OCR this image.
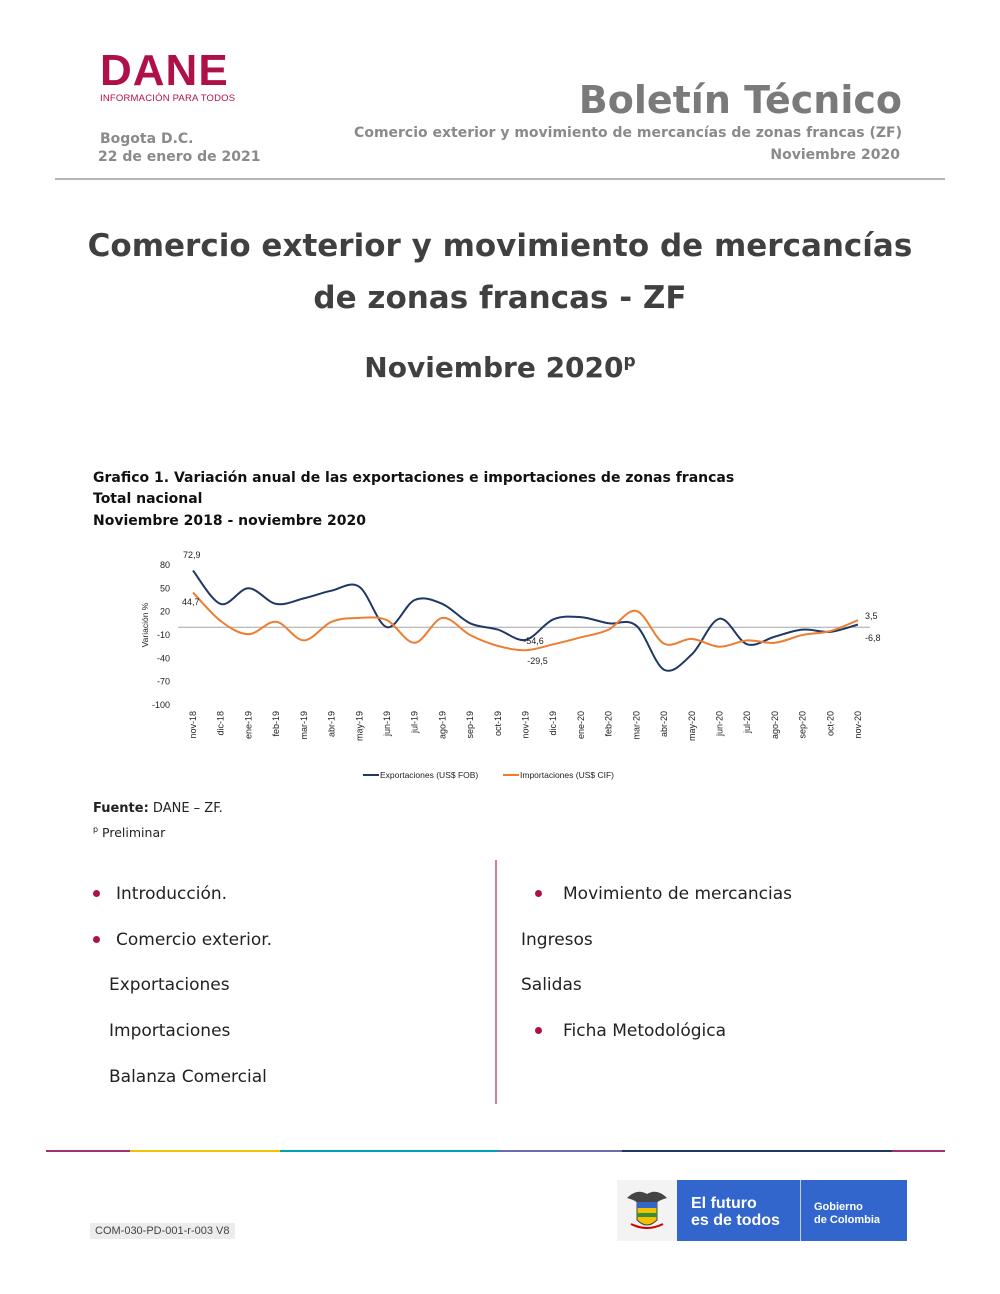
DANE
INFORMACIÓN PARA TODOS	Boletín Técnico
Bogota D.C.
22 de enero de 2021
Comercio exterior y movimiento de mercancías de zonas francas (ZF)
Noviembre 2020
Comercio exterior y movimiento de mercancías
de zonas francas - ZF
Noviembre 2020$^p$
Grafico 1. Variación anual de las exportaciones e importaciones de zonas francas
Total nacional
Noviembre 2018 - noviembre 2020
-100
-70
-40
-10
20
50
80
Variación %
nov-18 dic-18 ene-19 feb-19 mar-19 abr-19 may-19 jun-19 jul-19 ago-19 sep-19 oct-19 nov-19 dic-19 ene-20 feb-20 mar-20 abr-20 may-20 jun-20 jul-20 ago-20 sep-20 oct-20 nov-20
72,9
44,7
3,5
-6,8
-54,6
-29,5
Exportaciones (US$ FOB)	Importaciones (US$ CIF)
Fuente: DANE – ZF.
$^p$ Preliminar
Introducción.
Comercio exterior.
Exportaciones
Importaciones
Balanza Comercial
Movimiento de mercancias
Ingresos
Salidas
Ficha Metodológica
COM-030-PD-001-r-003 V8
El futuro
es de todos
Gobierno
de Colombia
